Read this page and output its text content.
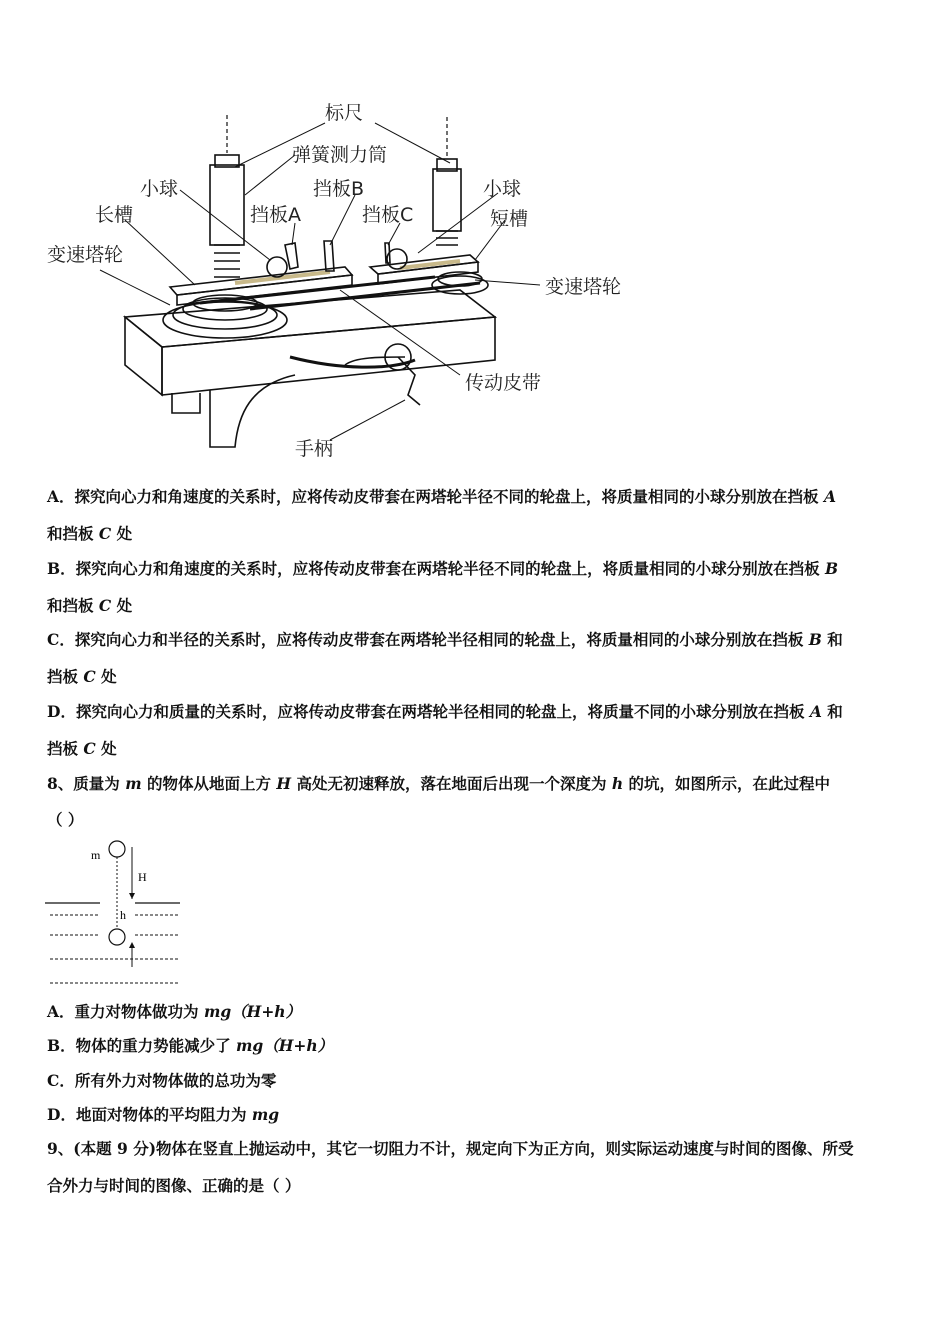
标尺
弹簧测力筒
小球	挡板B	小球
长槽	挡板A	挡板C	短槽
变速塔轮
变速塔轮
传动皮带
手柄
A．探究向心力和角速度的关系时，应将传动皮带套在两塔轮半径不同的轮盘上，将质量相同的小球分别放在挡板 A
和挡板 C 处
B．探究向心力和角速度的关系时，应将传动皮带套在两塔轮半径不同的轮盘上，将质量相同的小球分别放在挡板 B
和挡板 C 处
C．探究向心力和半径的关系时，应将传动皮带套在两塔轮半径相同的轮盘上，将质量相同的小球分别放在挡板 B 和
挡板 C 处
D．探究向心力和质量的关系时，应将传动皮带套在两塔轮半径相同的轮盘上，将质量不同的小球分别放在挡板 A 和
挡板 C 处
8、质量为 m 的物体从地面上方 H 高处无初速释放，落在地面后出现一个深度为 h 的坑，如图所示，在此过程中
（ ）
m
H
h
A．重力对物体做功为 mg（H+h）
B．物体的重力势能减少了 mg（H+h）
C．所有外力对物体做的总功为零
D．地面对物体的平均阻力为 mg
9、(本题 9 分)物体在竖直上抛运动中，其它一切阻力不计，规定向下为正方向，则实际运动速度与时间的图像、所受
合外力与时间的图像、正确的是（ ）
